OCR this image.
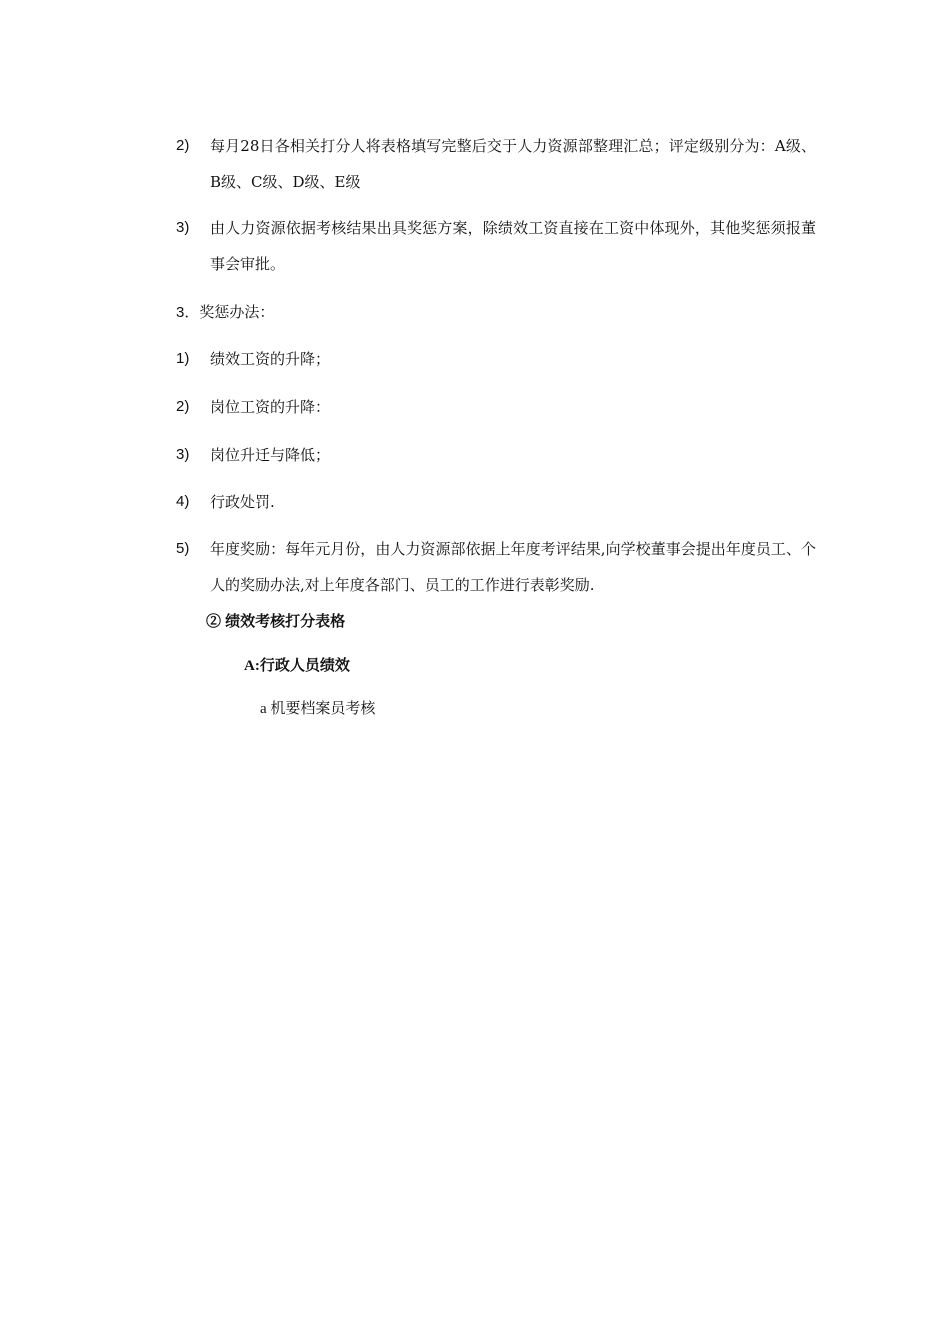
2) 每月28日各相关打分人将表格填写完整后交于人力资源部整理汇总；评定级别分为：A级、B级、C级、D级、E级
3) 由人力资源依据考核结果出具奖惩方案，除绩效工资直接在工资中体现外，其他奖惩须报董事会审批。
3．奖惩办法：
1) 绩效工资的升降；
2) 岗位工资的升降：
3) 岗位升迁与降低；
4) 行政处罚.
5) 年度奖励：每年元月份，由人力资源部依据上年度考评结果,向学校董事会提出年度员工、个人的奖励办法,对上年度各部门、员工的工作进行表彰奖励.
② 绩效考核打分表格
A:行政人员绩效
a 机要档案员考核
